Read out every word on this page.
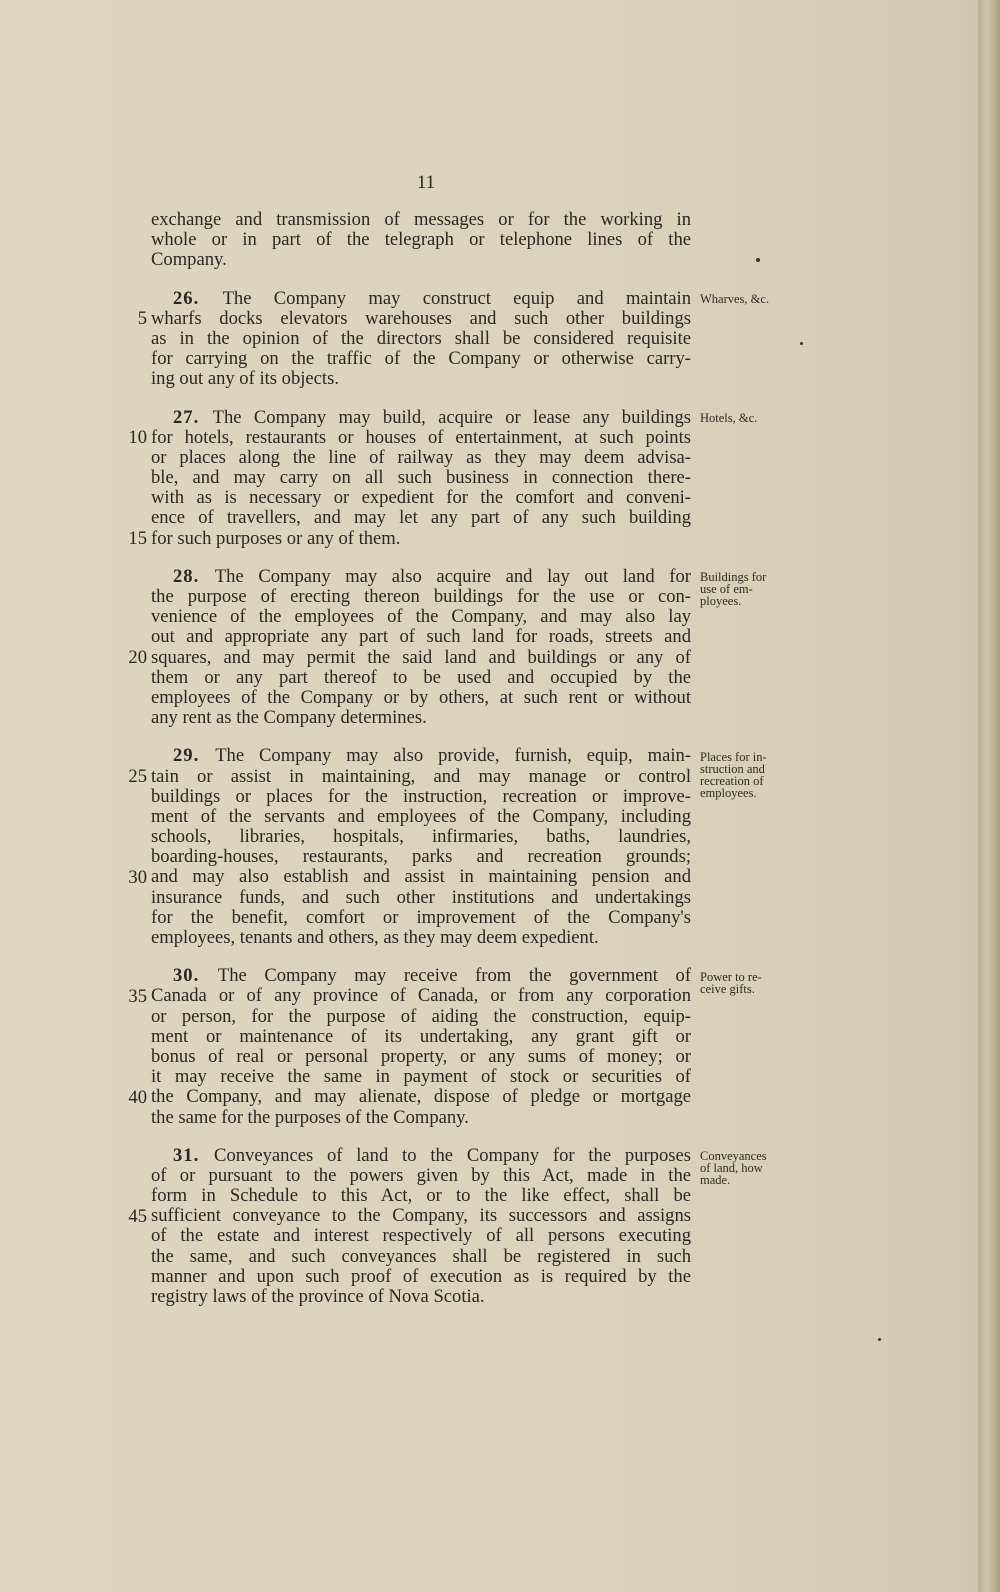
11
exchange and transmission of messages or for the working in
whole or in part of the telegraph or telephone lines of the
Company.
26. The Company may construct equip and maintain
wharfs docks elevators warehouses and such other buildings
as in the opinion of the directors shall be considered requisite
for carrying on the traffic of the Company or otherwise carry-
ing out any of its objects.
27. The Company may build, acquire or lease any buildings
for hotels, restaurants or houses of entertainment, at such points
or places along the line of railway as they may deem advisa-
ble, and may carry on all such business in connection there-
with as is necessary or expedient for the comfort and conveni-
ence of travellers, and may let any part of any such building
for such purposes or any of them.
28. The Company may also acquire and lay out land for
the purpose of erecting thereon buildings for the use or con-
venience of the employees of the Company, and may also lay
out and appropriate any part of such land for roads, streets and
squares, and may permit the said land and buildings or any of
them or any part thereof to be used and occupied by the
employees of the Company or by others, at such rent or without
any rent as the Company determines.
29. The Company may also provide, furnish, equip, main-
tain or assist in maintaining, and may manage or control
buildings or places for the instruction, recreation or improve-
ment of the servants and employees of the Company, including
schools, libraries, hospitals, infirmaries, baths, laundries,
boarding-houses, restaurants, parks and recreation grounds;
and may also establish and assist in maintaining pension and
insurance funds, and such other institutions and undertakings
for the benefit, comfort or improvement of the Company's
employees, tenants and others, as they may deem expedient.
30. The Company may receive from the government of
Canada or of any province of Canada, or from any corporation
or person, for the purpose of aiding the construction, equip-
ment or maintenance of its undertaking, any grant gift or
bonus of real or personal property, or any sums of money; or
it may receive the same in payment of stock or securities of
the Company, and may alienate, dispose of pledge or mortgage
the same for the purposes of the Company.
31. Conveyances of land to the Company for the purposes
of or pursuant to the powers given by this Act, made in the
form in Schedule to this Act, or to the like effect, shall be
sufficient conveyance to the Company, its successors and assigns
of the estate and interest respectively of all persons executing
the same, and such conveyances shall be registered in such
manner and upon such proof of execution as is required by the
registry laws of the province of Nova Scotia.
5
10
15
20
25
30
35
40
45
Wharves, &c.
Hotels, &c.
Buildings for
use of em-
ployees.
Places for in-
struction and
recreation of
employees.
Power to re-
ceive gifts.
Conveyances
of land, how
made.
